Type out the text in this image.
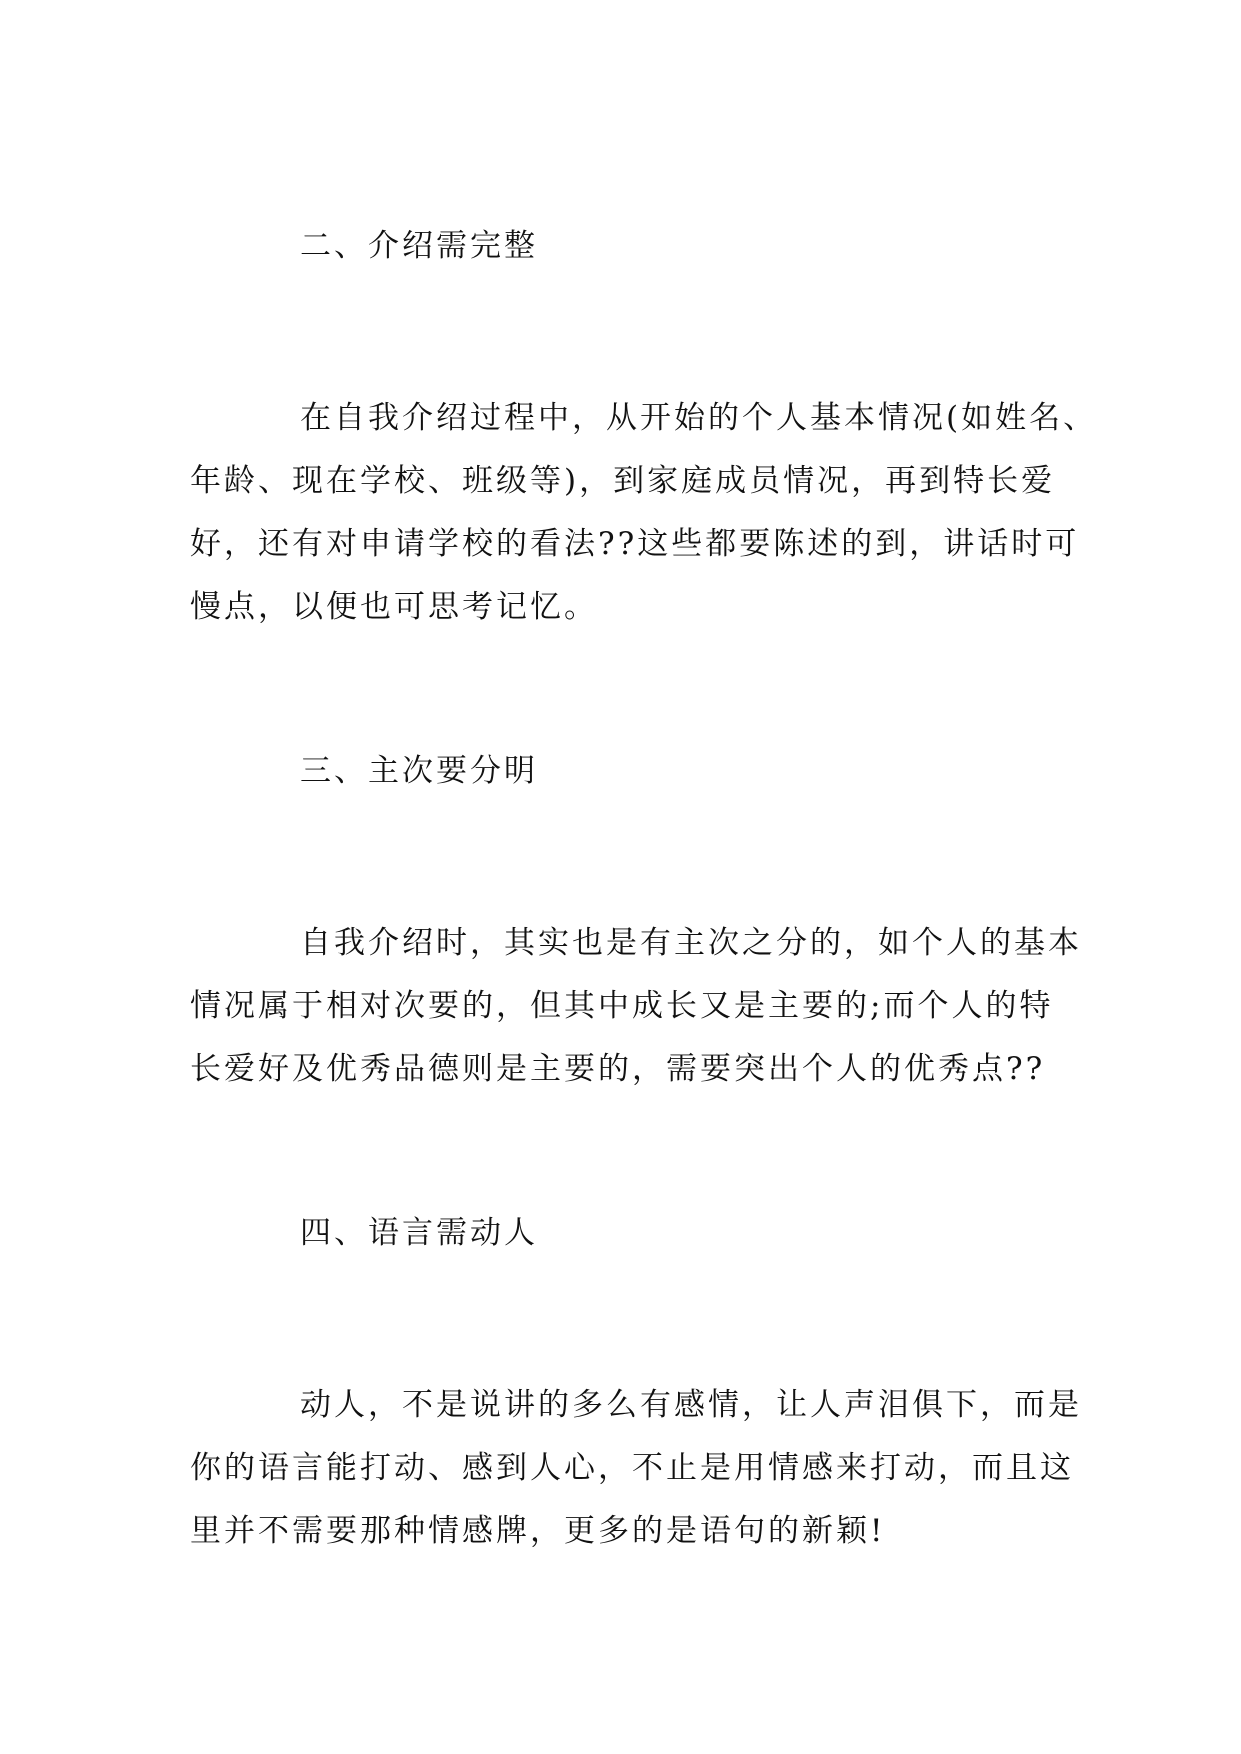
二、介绍需完整
在自我介绍过程中，从开始的个人基本情况(如姓名、
年龄、现在学校、班级等)，到家庭成员情况，再到特长爱
好，还有对申请学校的看法??这些都要陈述的到，讲话时可
慢点，以便也可思考记忆。
三、主次要分明
自我介绍时，其实也是有主次之分的，如个人的基本
情况属于相对次要的，但其中成长又是主要的;而个人的特
长爱好及优秀品德则是主要的，需要突出个人的优秀点??
四、语言需动人
动人，不是说讲的多么有感情，让人声泪俱下，而是
你的语言能打动、感到人心，不止是用情感来打动，而且这
里并不需要那种情感牌，更多的是语句的新颖!
